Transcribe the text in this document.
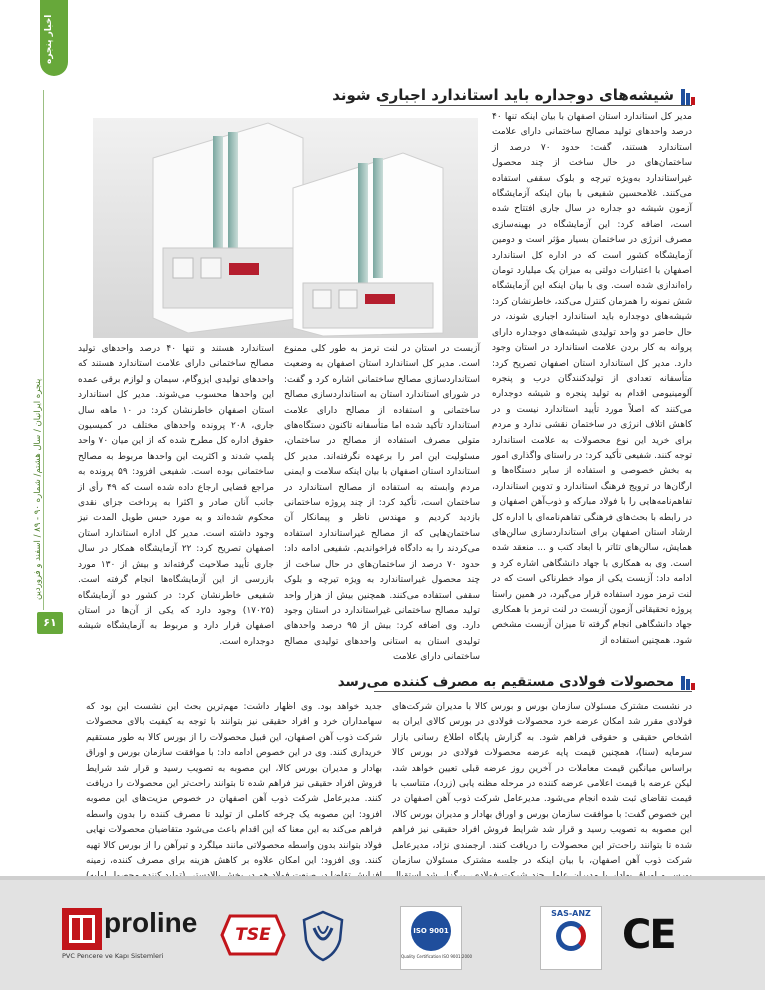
اخبار پنجره
پنجره ایرانیان / سال هشتم/ شماره ۹۰ - ۸۹ / اسفند و فروردین
۶۱
شیشه‌های دوجداره باید استاندارد اجباری شوند
مدیر کل استاندارد استان اصفهان با بیان اینکه تنها ۴۰ درصد واحدهای تولید مصالح ساختمانی دارای علامت استاندارد هستند، گفت: حدود ۷۰ درصد از ساختمان‌های در حال ساخت از چند محصول غیراستاندارد به‌ویژه تیرچه و بلوک سقفی استفاده می‌کنند. غلامحسین شفیعی با بیان اینکه آزمایشگاه آزمون شیشه دو جداره در سال جاری افتتاح شده است، اضافه کرد: این آزمایشگاه در بهینه‌سازی مصرف انرژی در ساختمان بسیار مؤثر است و دومین آزمایشگاه کشور است که در اداره کل استاندارد اصفهان با اعتبارات دولتی به میزان یک میلیارد تومان راه‌اندازی شده است. وی با بیان اینکه این آزمایشگاه شش نمونه را همزمان کنترل می‌کند، خاطرنشان کرد: شیشه‌های دوجداره باید استاندارد اجباری شوند، در حال حاضر دو واحد تولیدی شیشه‌های دوجداره دارای پروانه به کار بردن علامت استاندارد در استان وجود دارد. مدیر کل استاندارد استان اصفهان تصریح کرد: متأسفانه تعدادی از تولیدکنندگان درب و پنجره آلومینیومی اقدام به تولید پنجره و شیشه دوجداره می‌کنند که اصلاً مورد تأیید استاندارد نیست و در کاهش اتلاف انرژی در ساختمان نقشی ندارد و مردم برای خرید این نوع محصولات به علامت استاندارد توجه کنند. شفیعی تأکید کرد: در راستای واگذاری امور به بخش خصوصی و استفاده از سایر دستگاه‌ها و ارگان‌ها در ترویج فرهنگ استاندارد و تدوین استاندارد، تفاهم‌نامه‌هایی را با فولاد مبارکه و ذوب‌آهن اصفهان و در رابطه با بحث‌های فرهنگی تفاهم‌نامه‌ای با اداره کل ارشاد استان اصفهان برای استانداردسازی سالن‌های همایش، سالن‌های تئاتر با ابعاد کتب و ... منعقد شده است. وی به همکاری با جهاد دانشگاهی اشاره کرد و ادامه داد: آزبست یکی از مواد خطرناکی است که در لنت ترمز مورد استفاده قرار می‌گیرد، در همین راستا پروژه تحقیقاتی آزمون آزبست در لنت ترمز با همکاری جهاد دانشگاهی انجام گرفته تا میزان آزبست مشخص شود. همچنین استفاده از
آزبست در استان در لنت ترمز به طور کلی ممنوع است. مدیر کل استاندارد استان اصفهان به وضعیت استانداردسازی مصالح ساختمانی اشاره کرد و گفت: در شورای استاندارد استان به استانداردسازی مصالح ساختمانی و استفاده از مصالح دارای علامت استاندارد تأکید شده اما متأسفانه تاکنون دستگاه‌های متولی مصرف استفاده از مصالح در ساختمان، مسئولیت این امر را برعهده نگرفته‌اند. مدیر کل استاندارد استان اصفهان با بیان اینکه سلامت و ایمنی مردم وابسته به استفاده از مصالح استاندارد در ساختمان است، تأکید کرد: از چند پروژه ساختمانی بازدید کردیم و مهندس ناظر و پیمانکار آن ساختمان‌هایی که از مصالح غیراستاندارد استفاده می‌کردند را به دادگاه فراخواندیم. شفیعی ادامه داد: حدود ۷۰ درصد از ساختمان‌های در حال ساخت از چند محصول غیراستاندارد به ویژه تیرچه و بلوک سقفی استفاده می‌کنند. همچنین بیش از هزار واحد تولید مصالح ساختمانی غیراستاندارد در استان وجود دارد. وی اضافه کرد: بیش از ۹۵ درصد واحدهای تولیدی استان به استانی واحدهای تولیدی مصالح ساختمانی دارای علامت
استاندارد هستند و تنها ۴۰ درصد واحدهای تولید مصالح ساختمانی دارای علامت استاندارد هستند که واحدهای تولیدی ایزوگام، سیمان و لوازم برقی عمده این واحدها محسوب می‌شوند. مدیر کل استاندارد استان اصفهان خاطرنشان کرد: در ۱۰ ماهه سال جاری، ۲۰۸ پرونده واحدهای مختلف در کمیسیون حقوق اداره کل مطرح شده که از این میان ۷۰ واحد پلمپ شدند و اکثریت این واحدها مربوط به مصالح ساختمانی بوده است. شفیعی افزود: ۵۹ پرونده به مراجع قضایی ارجاع داده شده است که ۴۹ رأی از جانب آنان صادر و اکثرا به پرداخت جزای نقدی محکوم شده‌اند و به مورد حبس طویل المدت نیز وجود داشته است. مدیر کل اداره استاندارد استان اصفهان تصریح کرد: ۲۲ آزمایشگاه همکار در سال جاری تأیید صلاحیت گرفته‌اند و بیش از ۱۳۰ مورد بازرسی از این آزمایشگاه‌ها انجام گرفته است. شفیعی خاطرنشان کرد: در کشور دو آزمایشگاه (۱۷۰۲۵) وجود دارد که یکی از آن‌ها در استان اصفهان قرار دارد و مربوط به آزمایشگاه شیشه دوجداره است.
محصولات فولادی مستقیم به مصرف کننده می‌رسد
در نشست مشترک مسئولان سازمان بورس و بورس کالا با مدیران شرکت‌های فولادی مقرر شد امکان عرضه خرد محصولات فولادی در بورس کالای ایران به اشخاص حقیقی و حقوقی فراهم شود. به گزارش پایگاه اطلاع رسانی بازار سرمایه (سنا)، همچنین قیمت پایه عرضه محصولات فولادی در بورس کالا براساس میانگین قیمت معاملات در آخرین روز عرضه قبلی تعیین خواهد شد، لیکن عرضه با قیمت اعلامی عرضه کننده در مرحله مظنه یابی (زرد)، متناسب با قیمت تقاضای ثبت شده انجام می‌شود. مدیرعامل شرکت ذوب آهن اصفهان در این خصوص گفت: با موافقت سازمان بورس و اوراق بهادار و مدیران بورس کالا، این مصوبه به تصویب رسید و قرار شد شرایط فروش افراد حقیقی نیز فراهم شده تا بتوانند راحت‌تر این محصولات را دریافت کنند. ارجمندی نژاد، مدیرعامل شرکت ذوب آهن اصفهان، با بیان اینکه در جلسه مشترک مسئولان سازمان
جدید خواهد بود. وی اظهار داشت: مهم‌ترین بحث این نشست این بود که سهامداران خرد و افراد حقیقی نیز بتوانند با توجه به کیفیت بالای محصولات شرکت ذوب آهن اصفهان، این قبیل محصولات را از بورس کالا به طور مستقیم خریداری کنند. وی در این خصوص ادامه داد: با موافقت سازمان بورس و اوراق بهادار و مدیران بورس کالا، این مصوبه به تصویب رسید و قرار شد شرایط فروش افراد حقیقی نیز فراهم شده تا بتوانند راحت‌تر این محصولات را دریافت کنند. مدیرعامل شرکت ذوب آهن اصفهان در خصوص مزیت‌های این مصوبه افزود: این مصوبه یک چرخه کاملی از تولید تا مصرف کننده را بدون واسطه فراهم می‌کند به این معنا که این اقدام باعث می‌شود متقاضیان محصولات نهایی فولاد بتوانند بدون واسطه محصولاتی مانند میلگرد و تیرآهن را از بورس کالا تهیه کنند. وی افزود: این امکان علاوه بر کاهش هزینه برای مصرف کننده، زمینه
CE
SAS-ANZ
ISO 9001
Quality Certification ISO 9001:2000
TSE
proline
PVC Pencere ve Kapı Sistemleri
